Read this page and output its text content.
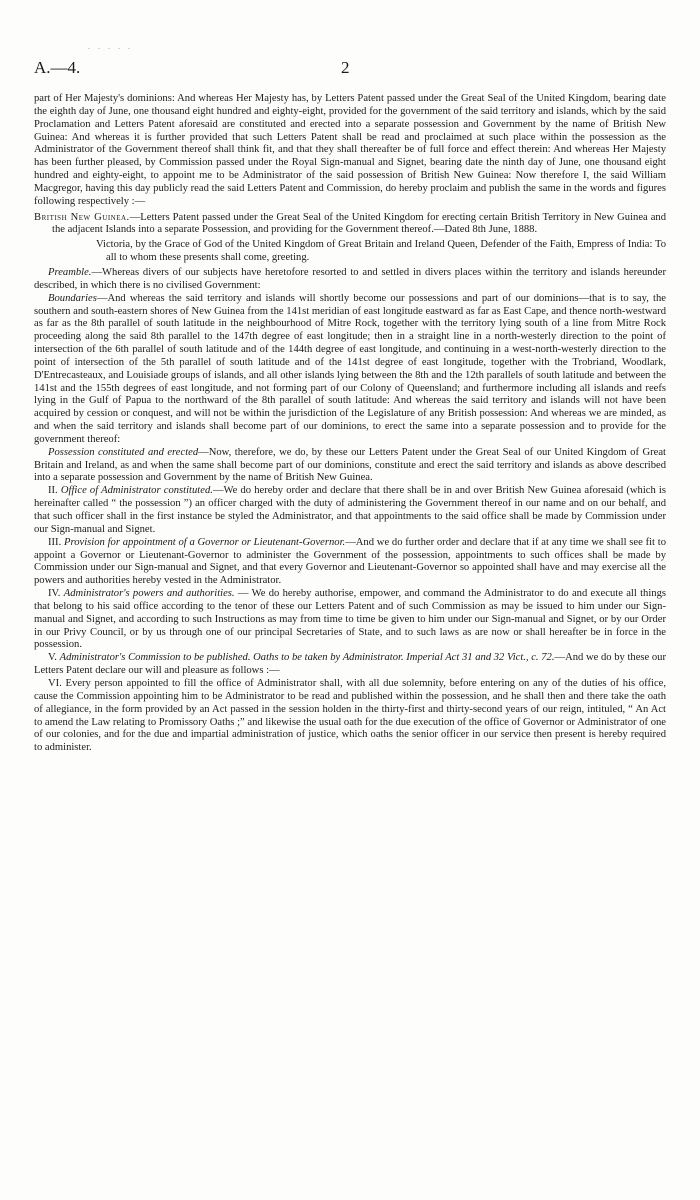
. . . . .
A.—4.	2

part of Her Majesty's dominions: And whereas Her Majesty has, by Letters Patent passed under the Great Seal of the United Kingdom, bearing date the eighth day of June, one thousand eight hundred and eighty-eight, provided for the government of the said territory and islands, which by the said Proclamation and Letters Patent aforesaid are constituted and erected into a separate possession and Government by the name of British New Guinea: And whereas it is further provided that such Letters Patent shall be read and proclaimed at such place within the possession as the Administrator of the Government thereof shall think fit, and that they shall thereafter be of full force and effect therein: And whereas Her Majesty has been further pleased, by Commission passed under the Royal Sign-manual and Signet, bearing date the ninth day of June, one thousand eight hundred and eighty-eight, to appoint me to be Administrator of the said possession of British New Guinea: Now therefore I, the said William Macgregor, having this day publicly read the said Letters Patent and Commission, do hereby proclaim and publish the same in the words and figures following respectively :—

British New Guinea.—Letters Patent passed under the Great Seal of the United Kingdom for erecting certain British Territory in New Guinea and the adjacent Islands into a separate Possession, and providing for the Government thereof.—Dated 8th June, 1888.

Victoria, by the Grace of God of the United Kingdom of Great Britain and Ireland Queen, Defender of the Faith, Empress of India: To all to whom these presents shall come, greeting.

Preamble.—Whereas divers of our subjects have heretofore resorted to and settled in divers places within the territory and islands hereunder described, in which there is no civilised Government:

Boundaries—And whereas the said territory and islands will shortly become our possessions and part of our dominions—that is to say, the southern and south-eastern shores of New Guinea from the 141st meridian of east longitude eastward as far as East Cape, and thence north-westward as far as the 8th parallel of south latitude in the neighbourhood of Mitre Rock, together with the territory lying south of a line from Mitre Rock proceeding along the said 8th parallel to the 147th degree of east longitude; then in a straight line in a north-westerly direction to the point of intersection of the 6th parallel of south latitude and of the 144th degree of east longitude, and continuing in a west-north-westerly direction to the point of intersection of the 5th parallel of south latitude and of the 141st degree of east longitude, together with the Trobriand, Woodlark, D'Entrecasteaux, and Louisiade groups of islands, and all other islands lying between the 8th and the 12th parallels of south latitude and between the 141st and the 155th degrees of east longitude, and not forming part of our Colony of Queensland; and furthermore including all islands and reefs lying in the Gulf of Papua to the northward of the 8th parallel of south latitude: And whereas the said territory and islands will not have been acquired by cession or conquest, and will not be within the jurisdiction of the Legislature of any British possession: And whereas we are minded, as and when the said territory and islands shall become part of our dominions, to erect the same into a separate possession and to provide for the government thereof:

Possession constituted and erected—Now, therefore, we do, by these our Letters Patent under the Great Seal of our United Kingdom of Great Britain and Ireland, as and when the same shall become part of our dominions, constitute and erect the said territory and islands as above described into a separate possession and Government by the name of British New Guinea.

II. Office of Administrator constituted.—We do hereby order and declare that there shall be in and over British New Guinea aforesaid (which is hereinafter called “ the possession ”) an officer charged with the duty of administering the Government thereof in our name and on our behalf, and that such officer shall in the first instance be styled the Administrator, and that appointments to the said office shall be made by Commission under our Sign-manual and Signet.

III. Provision for appointment of a Governor or Lieutenant-Governor.—And we do further order and declare that if at any time we shall see fit to appoint a Governor or Lieutenant-Governor to administer the Government of the possession, appointments to such offices shall be made by Commission under our Sign-manual and Signet, and that every Governor and Lieutenant-Governor so appointed shall have and may exercise all the powers and authorities hereby vested in the Administrator.

IV. Administrator's powers and authorities. — We do hereby authorise, empower, and command the Administrator to do and execute all things that belong to his said office according to the tenor of these our Letters Patent and of such Commission as may be issued to him under our Sign-manual and Signet, and according to such Instructions as may from time to time be given to him under our Sign-manual and Signet, or by our Order in our Privy Council, or by us through one of our principal Secretaries of State, and to such laws as are now or shall hereafter be in force in the possession.

V. Administrator's Commission to be published. Oaths to be taken by Administrator. Imperial Act 31 and 32 Vict., c. 72.—And we do by these our Letters Patent declare our will and pleasure as follows :—

VI. Every person appointed to fill the office of Administrator shall, with all due solemnity, before entering on any of the duties of his office, cause the Commission appointing him to be Administrator to be read and published within the possession, and he shall then and there take the oath of allegiance, in the form provided by an Act passed in the session holden in the thirty-first and thirty-second years of our reign, intituled, “ An Act to amend the Law relating to Promissory Oaths ;” and likewise the usual oath for the due execution of the office of Governor or Administrator of one of our colonies, and for the due and impartial administration of justice, which oaths the senior officer in our service then present is hereby required to administer.
